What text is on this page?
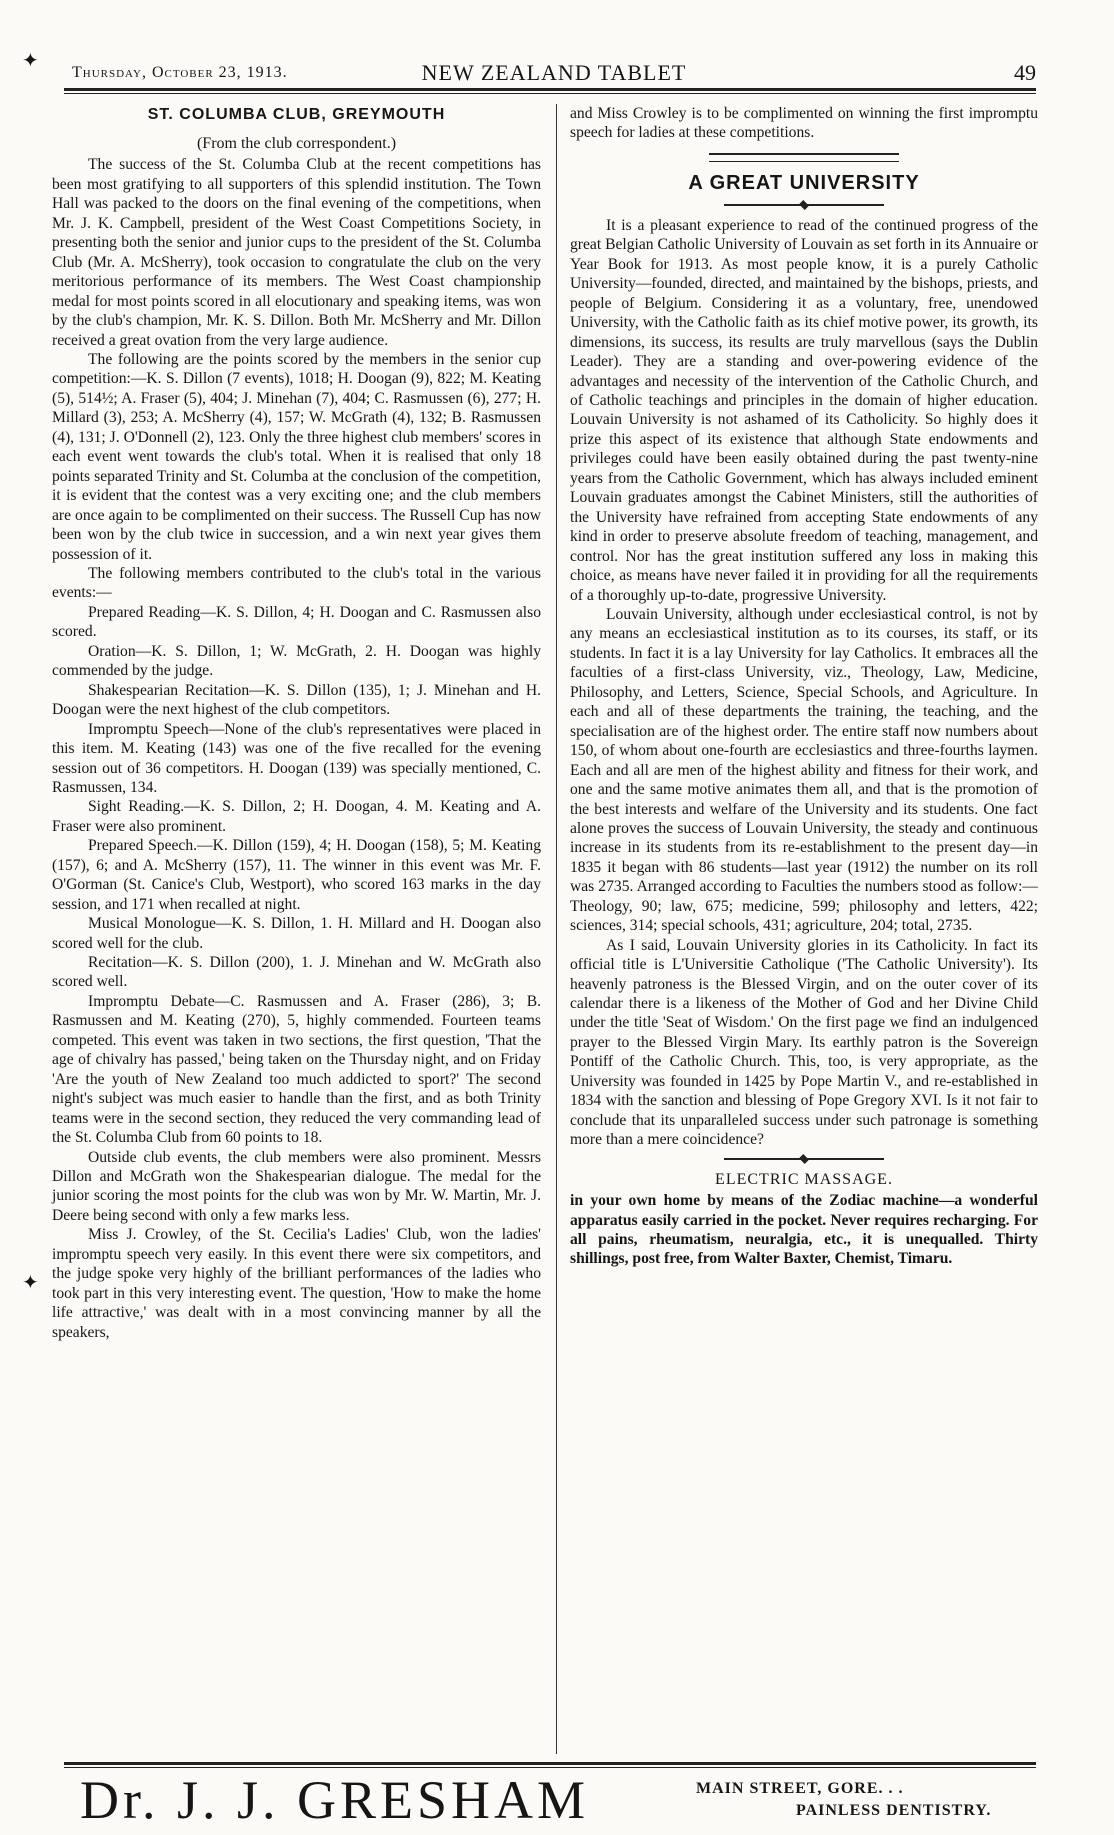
NEW ZEALAND TABLET
Thursday, October 23, 1913.	49
✦
✦
ST. COLUMBA CLUB, GREYMOUTH
(From the club correspondent.)

The success of the St. Columba Club at the recent competitions has been most gratifying to all supporters of this splendid institution. The Town Hall was packed to the doors on the final evening of the competitions, when Mr. J. K. Campbell, president of the West Coast Competitions Society, in presenting both the senior and junior cups to the president of the St. Columba Club (Mr. A. McSherry), took occasion to congratulate the club on the very meritorious performance of its members. The West Coast championship medal for most points scored in all elocutionary and speaking items, was won by the club's champion, Mr. K. S. Dillon. Both Mr. McSherry and Mr. Dillon received a great ovation from the very large audience.

The following are the points scored by the members in the senior cup competition:—K. S. Dillon (7 events), 1018; H. Doogan (9), 822; M. Keating (5), 514½; A. Fraser (5), 404; J. Minehan (7), 404; C. Rasmussen (6), 277; H. Millard (3), 253; A. McSherry (4), 157; W. McGrath (4), 132; B. Rasmussen (4), 131; J. O'Donnell (2), 123. Only the three highest club members' scores in each event went towards the club's total. When it is realised that only 18 points separated Trinity and St. Columba at the conclusion of the competition, it is evident that the contest was a very exciting one; and the club members are once again to be complimented on their success. The Russell Cup has now been won by the club twice in succession, and a win next year gives them possession of it.

The following members contributed to the club's total in the various events:—

Prepared Reading—K. S. Dillon, 4; H. Doogan and C. Rasmussen also scored.

Oration—K. S. Dillon, 1; W. McGrath, 2. H. Doogan was highly commended by the judge.

Shakespearian Recitation—K. S. Dillon (135), 1; J. Minehan and H. Doogan were the next highest of the club competitors.

Impromptu Speech—None of the club's representatives were placed in this item. M. Keating (143) was one of the five recalled for the evening session out of 36 competitors. H. Doogan (139) was specially mentioned, C. Rasmussen, 134.

Sight Reading.—K. S. Dillon, 2; H. Doogan, 4. M. Keating and A. Fraser were also prominent.

Prepared Speech.—K. Dillon (159), 4; H. Doogan (158), 5; M. Keating (157), 6; and A. McSherry (157), 11. The winner in this event was Mr. F. O'Gorman (St. Canice's Club, Westport), who scored 163 marks in the day session, and 171 when recalled at night.

Musical Monologue—K. S. Dillon, 1. H. Millard and H. Doogan also scored well for the club.

Recitation—K. S. Dillon (200), 1. J. Minehan and W. McGrath also scored well.

Impromptu Debate—C. Rasmussen and A. Fraser (286), 3; B. Rasmussen and M. Keating (270), 5, highly commended. Fourteen teams competed. This event was taken in two sections, the first question, 'That the age of chivalry has passed,' being taken on the Thursday night, and on Friday 'Are the youth of New Zealand too much addicted to sport?' The second night's subject was much easier to handle than the first, and as both Trinity teams were in the second section, they reduced the very commanding lead of the St. Columba Club from 60 points to 18.

Outside club events, the club members were also prominent. Messrs Dillon and McGrath won the Shakespearian dialogue. The medal for the junior scoring the most points for the club was won by Mr. W. Martin, Mr. J. Deere being second with only a few marks less.

Miss J. Crowley, of the St. Cecilia's Ladies' Club, won the ladies' impromptu speech very easily. In this event there were six competitors, and the judge spoke very highly of the brilliant performances of the ladies who took part in this very interesting event. The question, 'How to make the home life attractive,' was dealt with in a most convincing manner by all the speakers,

and Miss Crowley is to be complimented on winning the first impromptu speech for ladies at these competitions.

A GREAT UNIVERSITY

It is a pleasant experience to read of the continued progress of the great Belgian Catholic University of Louvain as set forth in its Annuaire or Year Book for 1913. As most people know, it is a purely Catholic University—founded, directed, and maintained by the bishops, priests, and people of Belgium. Considering it as a voluntary, free, unendowed University, with the Catholic faith as its chief motive power, its growth, its dimensions, its success, its results are truly marvellous (says the Dublin Leader). They are a standing and over-powering evidence of the advantages and necessity of the intervention of the Catholic Church, and of Catholic teachings and principles in the domain of higher education. Louvain University is not ashamed of its Catholicity. So highly does it prize this aspect of its existence that although State endowments and privileges could have been easily obtained during the past twenty-nine years from the Catholic Government, which has always included eminent Louvain graduates amongst the Cabinet Ministers, still the authorities of the University have refrained from accepting State endowments of any kind in order to preserve absolute freedom of teaching, management, and control. Nor has the great institution suffered any loss in making this choice, as means have never failed it in providing for all the requirements of a thoroughly up-to-date, progressive University.

Louvain University, although under ecclesiastical control, is not by any means an ecclesiastical institution as to its courses, its staff, or its students. In fact it is a lay University for lay Catholics. It embraces all the faculties of a first-class University, viz., Theology, Law, Medicine, Philosophy, and Letters, Science, Special Schools, and Agriculture. In each and all of these departments the training, the teaching, and the specialisation are of the highest order. The entire staff now numbers about 150, of whom about one-fourth are ecclesiastics and three-fourths laymen. Each and all are men of the highest ability and fitness for their work, and one and the same motive animates them all, and that is the promotion of the best interests and welfare of the University and its students. One fact alone proves the success of Louvain University, the steady and continuous increase in its students from its re-establishment to the present day—in 1835 it began with 86 students—last year (1912) the number on its roll was 2735. Arranged according to Faculties the numbers stood as follow:—Theology, 90; law, 675; medicine, 599; philosophy and letters, 422; sciences, 314; special schools, 431; agriculture, 204; total, 2735.

As I said, Louvain University glories in its Catholicity. In fact its official title is L'Universitie Catholique ('The Catholic University'). Its heavenly patroness is the Blessed Virgin, and on the outer cover of its calendar there is a likeness of the Mother of God and her Divine Child under the title 'Seat of Wisdom.' On the first page we find an indulgenced prayer to the Blessed Virgin Mary. Its earthly patron is the Sovereign Pontiff of the Catholic Church. This, too, is very appropriate, as the University was founded in 1425 by Pope Martin V., and re-established in 1834 with the sanction and blessing of Pope Gregory XVI. Is it not fair to conclude that its unparalleled success under such patronage is something more than a mere coincidence?

ELECTRIC MASSAGE.

in your own home by means of the Zodiac machine—a wonderful apparatus easily carried in the pocket. Never requires recharging. For all pains, rheumatism, neuralgia, etc., it is unequalled. Thirty shillings, post free, from Walter Baxter, Chemist, Timaru.

Dr. J. J. GRESHAM	MAIN STREET, GORE. . .
PAINLESS DENTISTRY.
